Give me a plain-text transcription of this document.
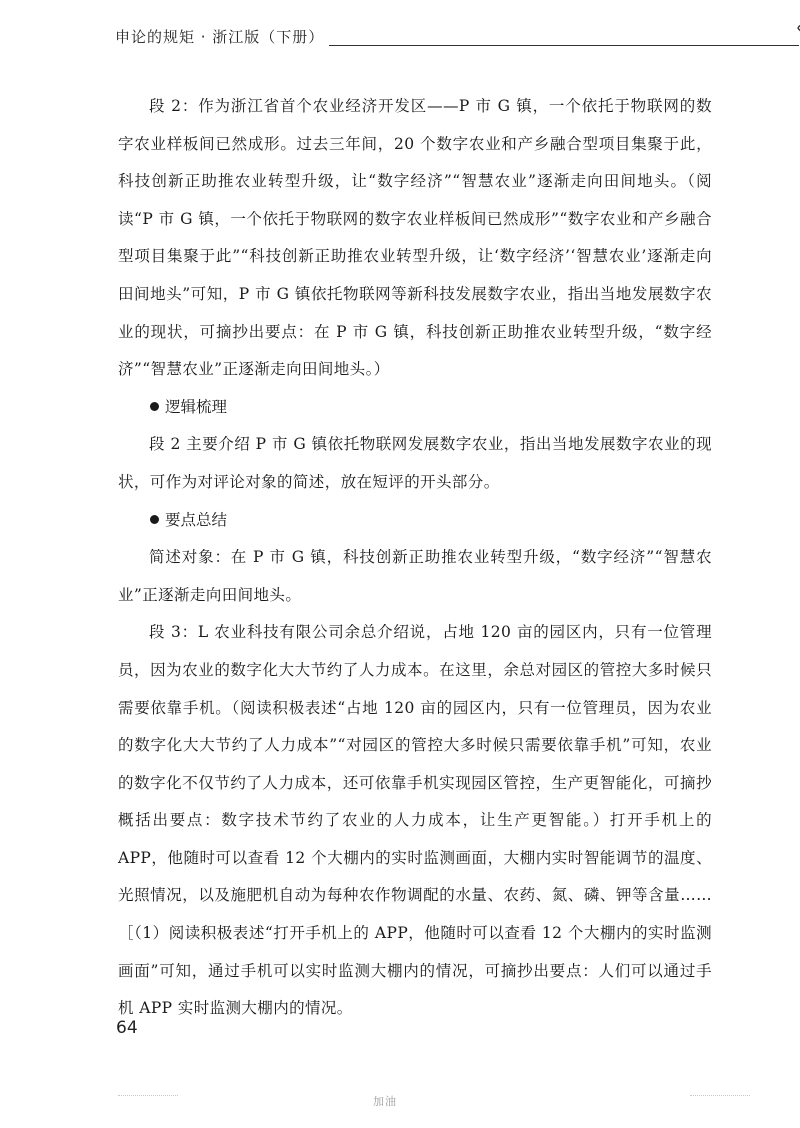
申论的规矩 · 浙江版（下册）

段 2：作为浙江省首个农业经济开发区——P 市 G 镇，一个依托于物联网的数字农业样板间已然成形。过去三年间，20 个数字农业和产乡融合型项目集聚于此，科技创新正助推农业转型升级，让“数字经济”“智慧农业”逐渐走向田间地头。（阅读“P 市 G 镇，一个依托于物联网的数字农业样板间已然成形”“数字农业和产乡融合型项目集聚于此”“科技创新正助推农业转型升级，让‘数字经济’‘智慧农业’逐渐走向田间地头”可知，P 市 G 镇依托物联网等新科技发展数字农业，指出当地发展数字农业的现状，可摘抄出要点：在 P 市 G 镇，科技创新正助推农业转型升级，“数字经济”“智慧农业”正逐渐走向田间地头。）

逻辑梳理

段 2 主要介绍 P 市 G 镇依托物联网发展数字农业，指出当地发展数字农业的现状，可作为对评论对象的简述，放在短评的开头部分。

要点总结

简述对象：在 P 市 G 镇，科技创新正助推农业转型升级，“数字经济”“智慧农业”正逐渐走向田间地头。

段 3：L 农业科技有限公司余总介绍说，占地 120 亩的园区内，只有一位管理员，因为农业的数字化大大节约了人力成本。在这里，余总对园区的管控大多时候只需要依靠手机。（阅读积极表述“占地 120 亩的园区内，只有一位管理员，因为农业的数字化大大节约了人力成本”“对园区的管控大多时候只需要依靠手机”可知，农业的数字化不仅节约了人力成本，还可依靠手机实现园区管控，生产更智能化，可摘抄概括出要点：数字技术节约了农业的人力成本，让生产更智能。）打开手机上的 APP，他随时可以查看 12 个大棚内的实时监测画面，大棚内实时智能调节的温度、光照情况，以及施肥机自动为每种农作物调配的水量、农药、氮、磷、钾等含量……［（1）阅读积极表述“打开手机上的 APP，他随时可以查看 12 个大棚内的实时监测画面”可知，通过手机可以实时监测大棚内的情况，可摘抄出要点：人们可以通过手机 APP 实时监测大棚内的情况。

64
加油
